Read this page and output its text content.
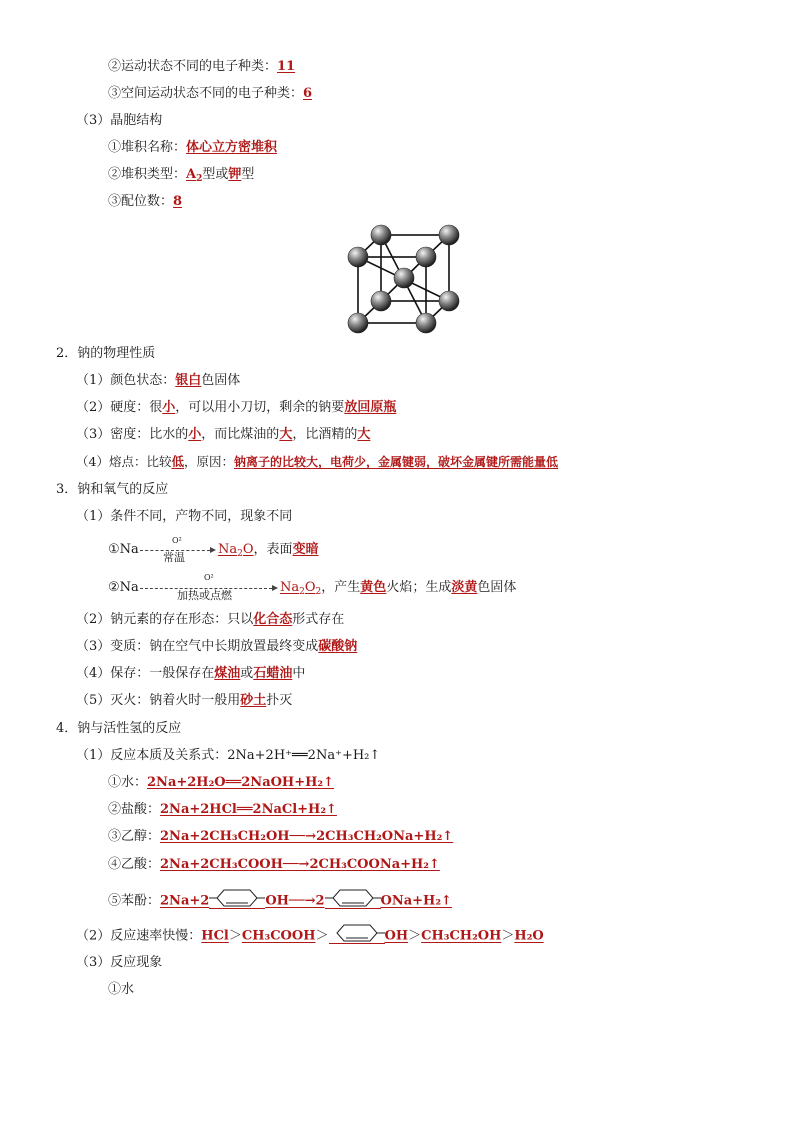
②运动状态不同的电子种类：11
③空间运动状态不同的电子种类：6
（3）晶胞结构
①堆积名称：体心立方密堆积
②堆积类型：$A_2$型或钾型
③配位数：8
2．钠的物理性质
（1）颜色状态：银白色固体
（2）硬度：很小，可以用小刀切，剩余的钠要放回原瓶
（3）密度：比水的小，而比煤油的大，比酒精的大
（4）熔点：比较低，原因：钠离子的比较大，电荷少，金属键弱，破坏金属键所需能量低
3．钠和氧气的反应
（1）条件不同，产物不同，现象不同
①Na
O²
常温
$Na_2O$，表面变暗
②Na
O²
加热或点燃
$Na_2O_2$，产生黄色火焰；生成淡黄色固体
（2）钠元素的存在形态：只以化合态形式存在
（3）变质：钠在空气中长期放置最终变成碳酸钠
（4）保存：一般保存在煤油或石蜡油中
（5）灭火：钠着火时一般用砂土扑灭
4．钠与活性氢的反应
（1）反应本质及关系式：2Na+2H⁺══2Na⁺+H₂↑
①水：2Na+2H₂O══2NaOH+H₂↑
②盐酸：2Na+2HCl══2NaCl+H₂↑
③乙醇：2Na+2CH₃CH₂OH──→2CH₃CH₂ONa+H₂↑
④乙酸：2Na+2CH₃COOH──→2CH₃COONa+H₂↑
⑤苯酚：2Na+2	OH──→2	ONa+H₂↑
（2）反应速率快慢：HCl＞CH₃COOH＞	OH＞CH₃CH₂OH＞H₂O
（3）反应现象
①水
